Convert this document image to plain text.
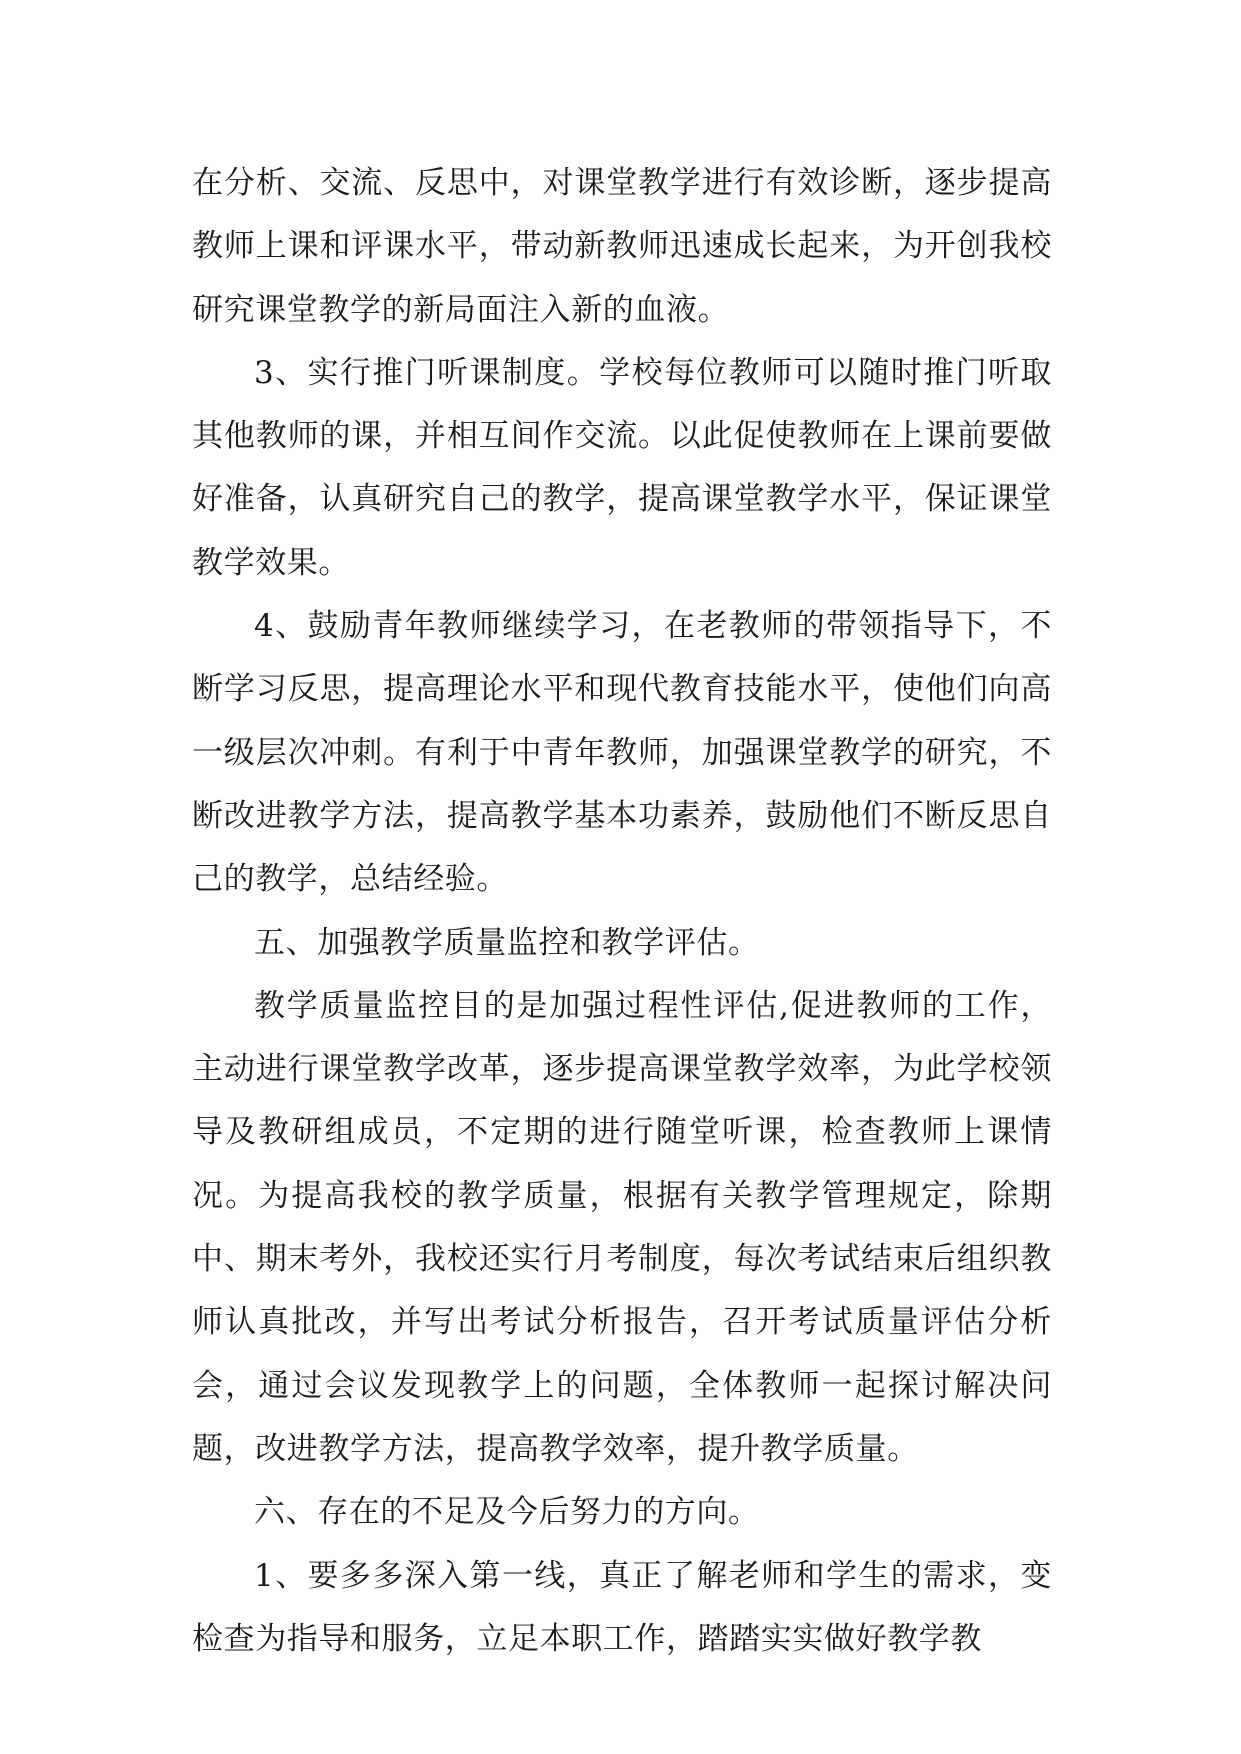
在分析、交流、反思中，对课堂教学进行有效诊断，逐步提高教师上课和评课水平，带动新教师迅速成长起来，为开创我校研究课堂教学的新局面注入新的血液。

3、实行推门听课制度。学校每位教师可以随时推门听取其他教师的课，并相互间作交流。以此促使教师在上课前要做好准备，认真研究自己的教学，提高课堂教学水平，保证课堂教学效果。

4、鼓励青年教师继续学习，在老教师的带领指导下，不断学习反思，提高理论水平和现代教育技能水平，使他们向高一级层次冲刺。有利于中青年教师，加强课堂教学的研究，不断改进教学方法，提高教学基本功素养，鼓励他们不断反思自己的教学，总结经验。

五、加强教学质量监控和教学评估。

教学质量监控目的是加强过程性评估,促进教师的工作，主动进行课堂教学改革，逐步提高课堂教学效率，为此学校领导及教研组成员，不定期的进行随堂听课，检查教师上课情况。为提高我校的教学质量，根据有关教学管理规定，除期中、期末考外，我校还实行月考制度，每次考试结束后组织教师认真批改，并写出考试分析报告，召开考试质量评估分析会，通过会议发现教学上的问题，全体教师一起探讨解决问题，改进教学方法，提高教学效率，提升教学质量。

六、存在的不足及今后努力的方向。

1、要多多深入第一线，真正了解老师和学生的需求，变检查为指导和服务，立足本职工作，踏踏实实做好教学教
